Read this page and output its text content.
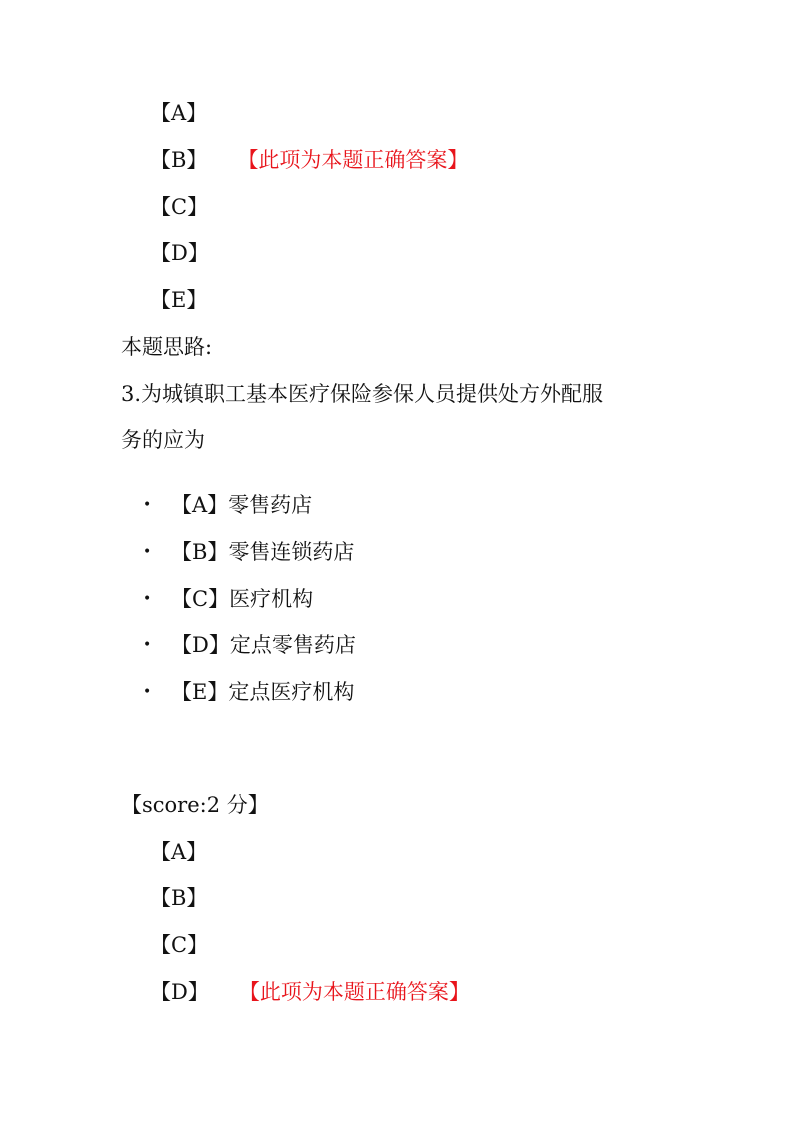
【A】
【B】 【此项为本题正确答案】
【C】
【D】
【E】
本题思路:
3.为城镇职工基本医疗保险参保人员提供处方外配服
务的应为
• 【A】零售药店
• 【B】零售连锁药店
• 【C】医疗机构
• 【D】定点零售药店
• 【E】定点医疗机构
【score:2 分】
【A】
【B】
【C】
【D】 【此项为本题正确答案】
